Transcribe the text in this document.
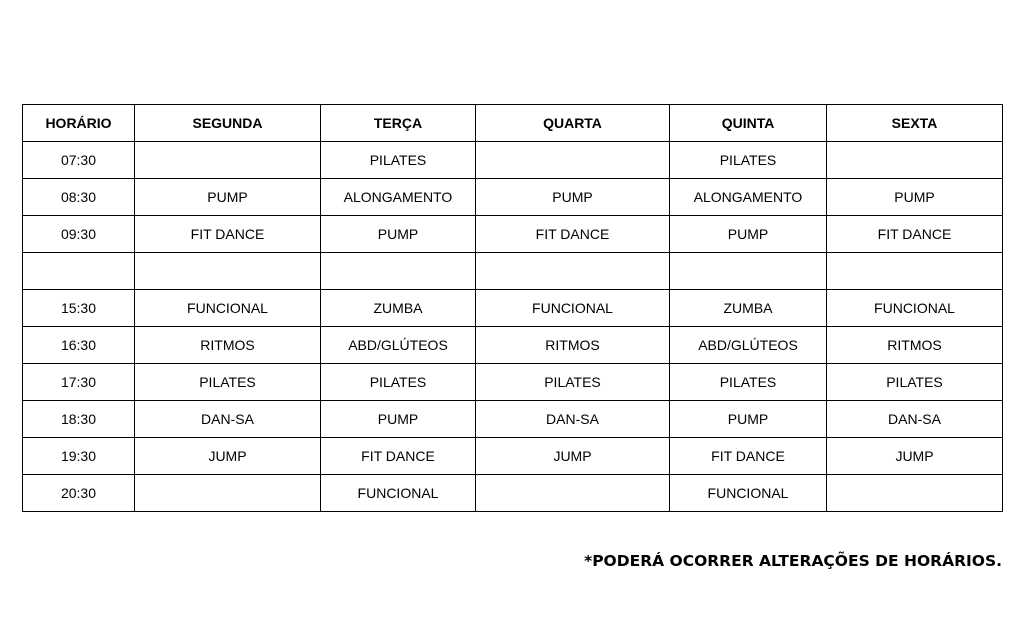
HORÁRIO	SEGUNDA	TERÇA	QUARTA	QUINTA	SEXTA
07:30		PILATES		PILATES	
08:30	PUMP	ALONGAMENTO	PUMP	ALONGAMENTO	PUMP
09:30	FIT DANCE	PUMP	FIT DANCE	PUMP	FIT DANCE

15:30	FUNCIONAL	ZUMBA	FUNCIONAL	ZUMBA	FUNCIONAL
16:30	RITMOS	ABD/GLÚTEOS	RITMOS	ABD/GLÚTEOS	RITMOS
17:30	PILATES	PILATES	PILATES	PILATES	PILATES
18:30	DAN-SA	PUMP	DAN-SA	PUMP	DAN-SA
19:30	JUMP	FIT DANCE	JUMP	FIT DANCE	JUMP
20:30		FUNCIONAL		FUNCIONAL	
*PODERÁ OCORRER ALTERAÇÕES DE HORÁRIOS.
